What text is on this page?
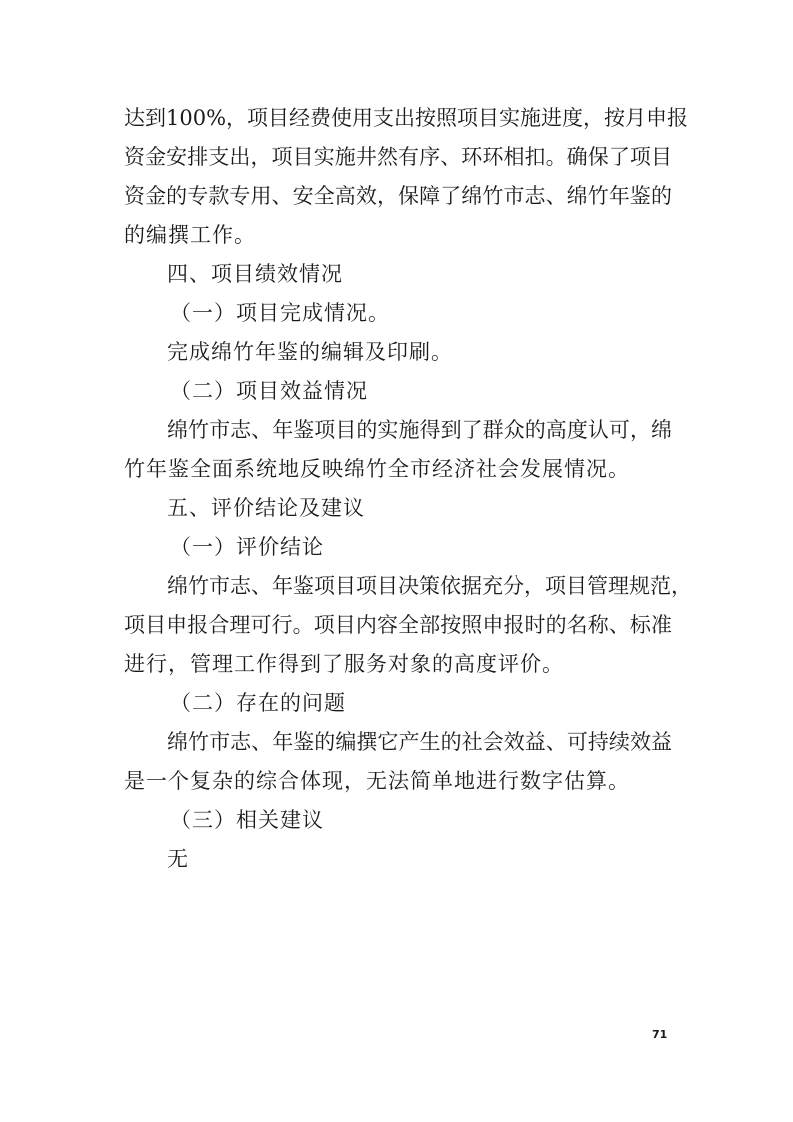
达到100%，项目经费使用支出按照项目实施进度，按月申报
资金安排支出，项目实施井然有序、环环相扣。确保了项目
资金的专款专用、安全高效，保障了绵竹市志、绵竹年鉴的
的编撰工作。
四、项目绩效情况
（一）项目完成情况。
完成绵竹年鉴的编辑及印刷。
（二）项目效益情况
绵竹市志、年鉴项目的实施得到了群众的高度认可，绵
竹年鉴全面系统地反映绵竹全市经济社会发展情况。
五、评价结论及建议
（一）评价结论
绵竹市志、年鉴项目项目决策依据充分，项目管理规范，
项目申报合理可行。项目内容全部按照申报时的名称、标准
进行，管理工作得到了服务对象的高度评价。
（二）存在的问题
绵竹市志、年鉴的编撰它产生的社会效益、可持续效益
是一个复杂的综合体现，无法简单地进行数字估算。
（三）相关建议
无
71
